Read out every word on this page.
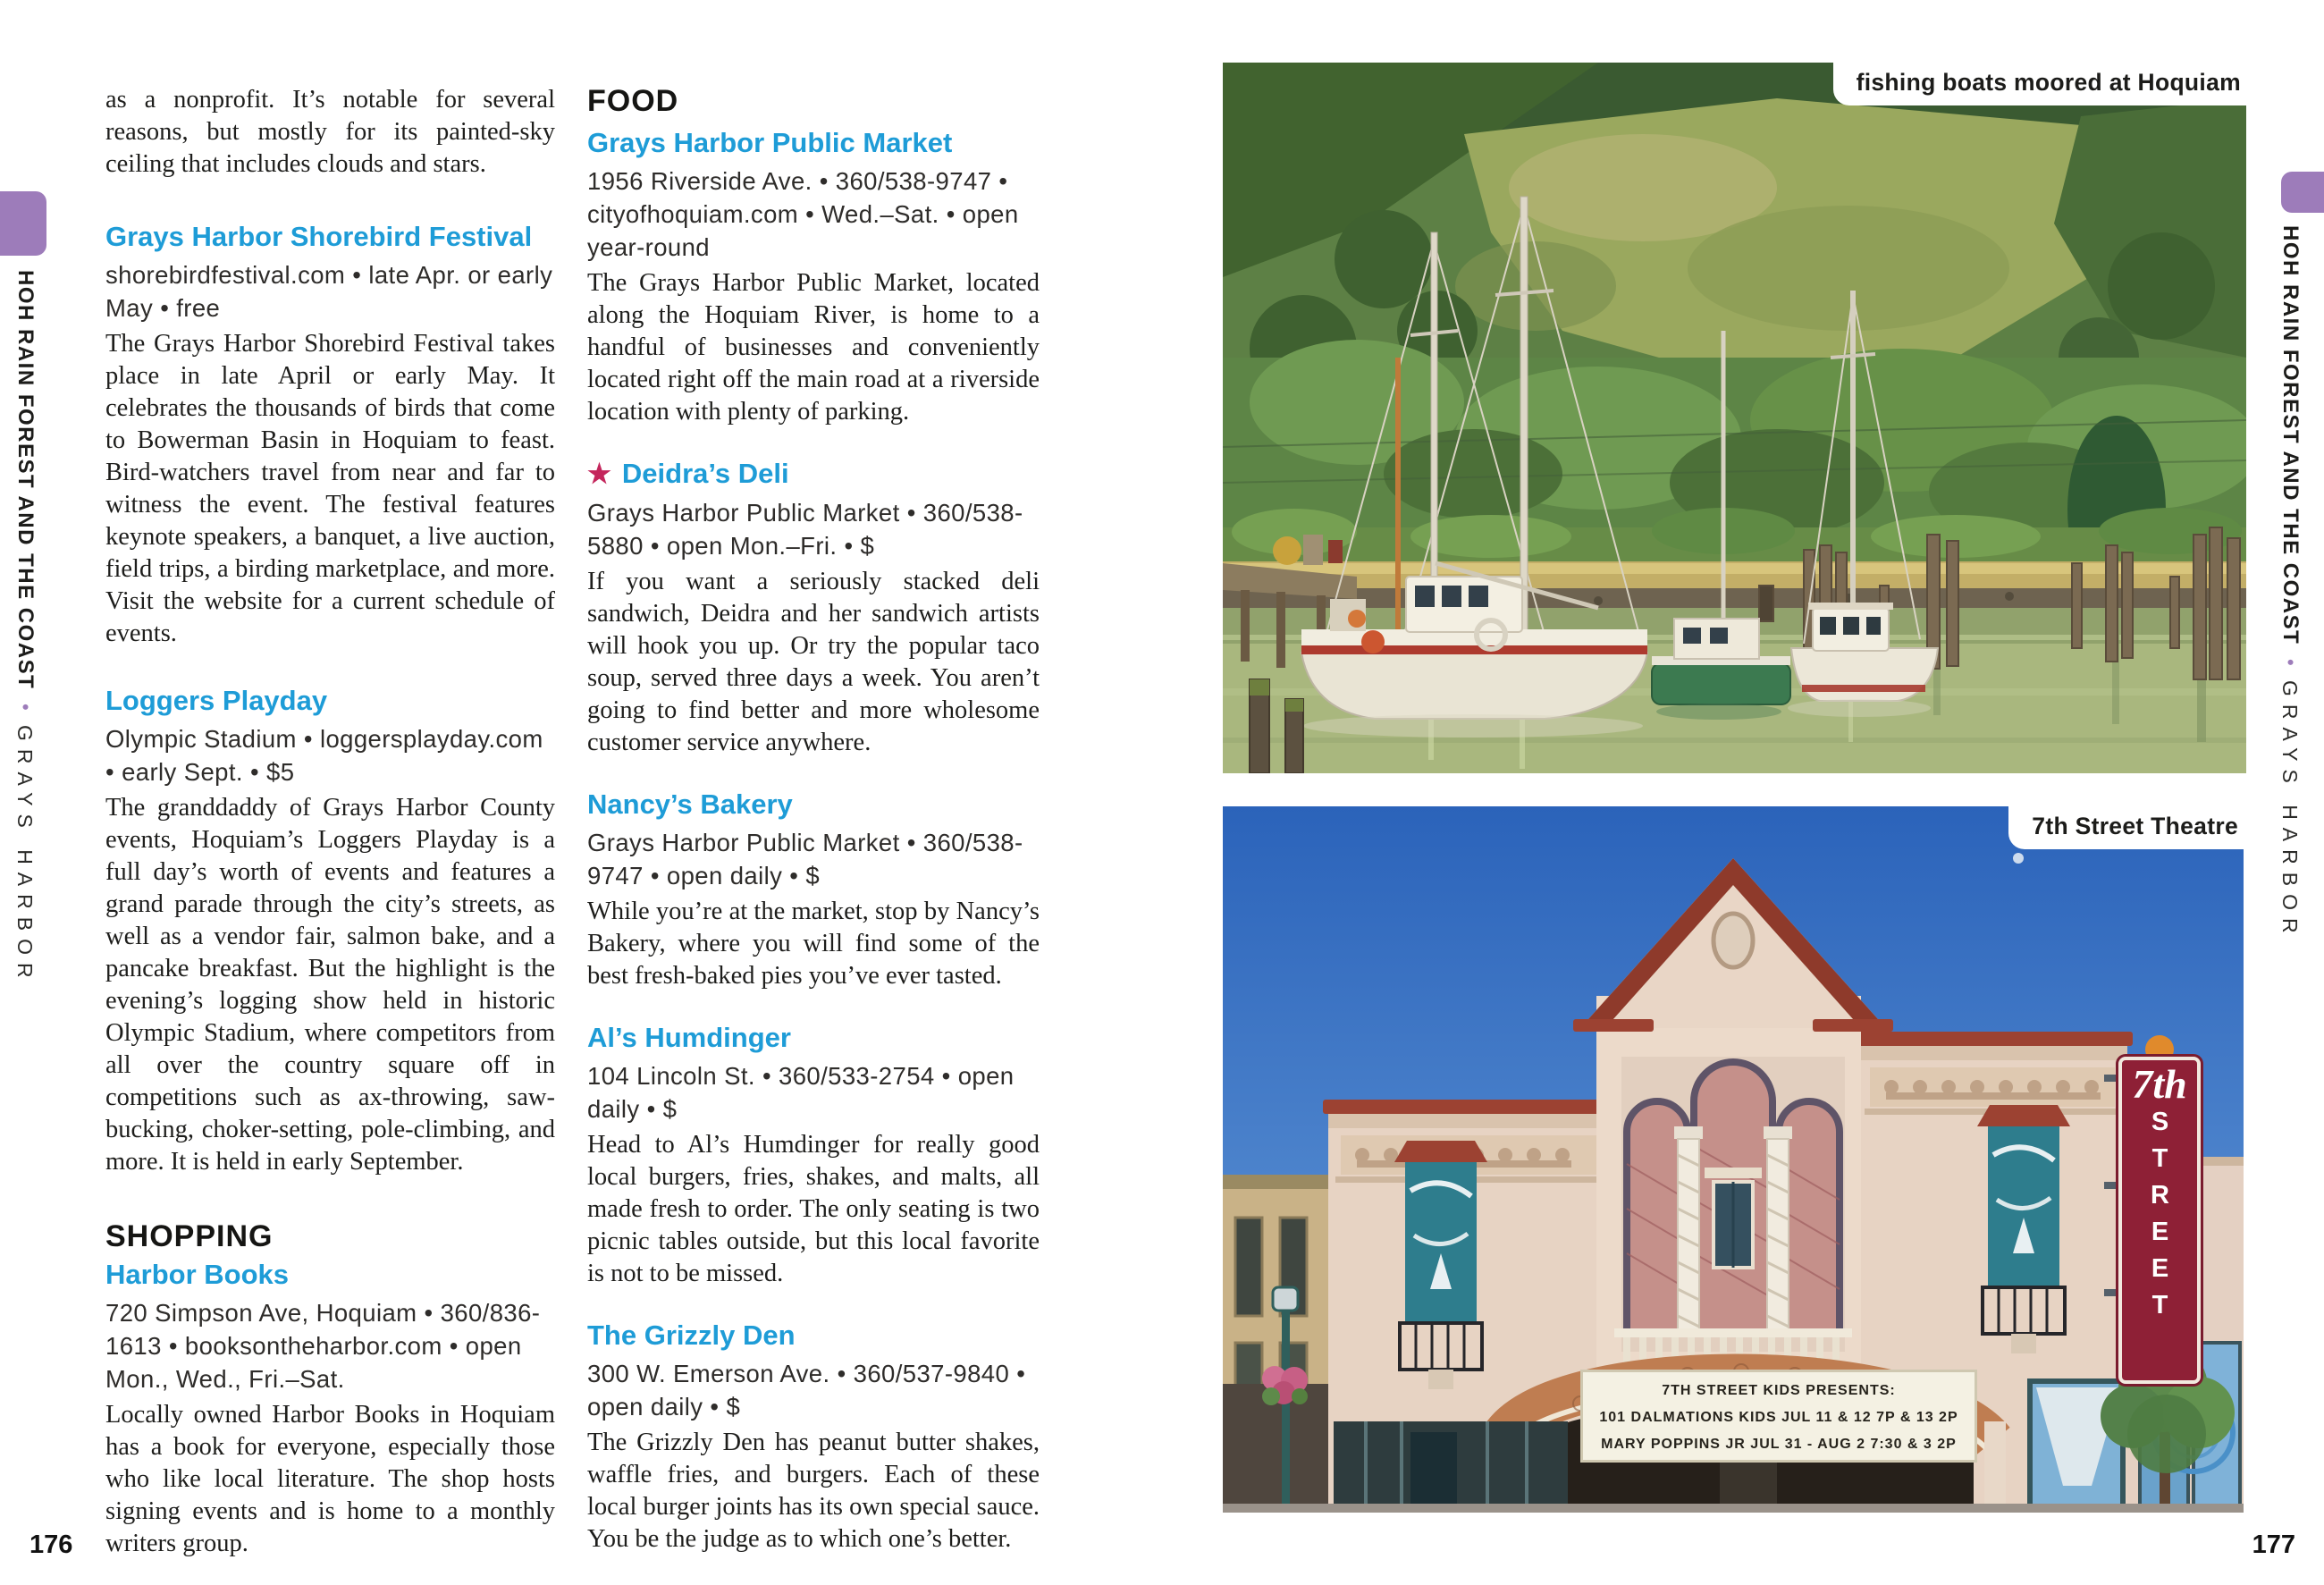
HOH RAIN FOREST AND THE COAST•GRAYS HARBOR
HOH RAIN FOREST AND THE COAST•GRAYS HARBOR

as a nonprofit. It’s notable for several reasons, but mostly for its painted-sky ceiling that includes clouds and stars.

Grays Harbor Shorebird Festival

shorebirdfestival.com • late Apr. or early May • free

The Grays Harbor Shorebird Festival takes place in late April or early May. It celebrates the thousands of birds that come to Bowerman Basin in Hoquiam to feast. Bird-watchers travel from near and far to witness the event. The festival features keynote speakers, a banquet, a live auction, field trips, a birding marketplace, and more. Visit the website for a current schedule of events.

Loggers Playday

Olympic Stadium • loggersplayday.com • early Sept. • $5

The granddaddy of Grays Harbor County events, Hoquiam’s Loggers Playday is a full day’s worth of events and features a grand parade through the city’s streets, as well as a vendor fair, salmon bake, and a pancake breakfast. But the highlight is the evening’s logging show held in historic Olympic Stadium, where competitors from all over the country square off in competitions such as ax-throwing, saw-bucking, choker-setting, pole-climbing, and more. It is held in early September.

SHOPPING
Harbor Books

720 Simpson Ave, Hoquiam • 360/836-1613 • booksontheharbor.com • open Mon., Wed., Fri.–Sat.

Locally owned Harbor Books in Hoquiam has a book for everyone, especially those who like local literature. The shop hosts signing events and is home to a monthly writers group.

FOOD
Grays Harbor Public Market

1956 Riverside Ave. • 360/538-9747 • cityofhoquiam.com • Wed.–Sat. • open year-round

The Grays Harbor Public Market, located along the Hoquiam River, is home to a handful of businesses and conveniently located right off the main road at a riverside location with plenty of parking.

★ Deidra’s Deli

Grays Harbor Public Market • 360/538-5880 • open Mon.–Fri. • $

If you want a seriously stacked deli sandwich, Deidra and her sandwich artists will hook you up. Or try the popular taco soup, served three days a week. You aren’t going to find better and more wholesome customer service anywhere.

Nancy’s Bakery

Grays Harbor Public Market • 360/538-9747 • open daily • $

While you’re at the market, stop by Nancy’s Bakery, where you will find some of the best fresh-baked pies you’ve ever tasted.

Al’s Humdinger

104 Lincoln St. • 360/533-2754 • open daily • $

Head to Al’s Humdinger for really good local burgers, fries, shakes, and malts, all made fresh to order. The only seating is two picnic tables outside, but this local favorite is not to be missed.

The Grizzly Den

300 W. Emerson Ave. • 360/537-9840 • open daily • $

The Grizzly Den has peanut butter shakes, waffle fries, and burgers. Each of these local burger joints has its own special sauce. You be the judge as to which one’s better.

fishing boats moored at Hoquiam
7th
STREET
7TH STREET KIDS PRESENTS:
101 DALMATIONS KIDS JUL 11 & 12 7P & 13 2P
MARY POPPINS JR JUL 31 - AUG 2 7:30 & 3 2P
7th Street Theatre
176	177
